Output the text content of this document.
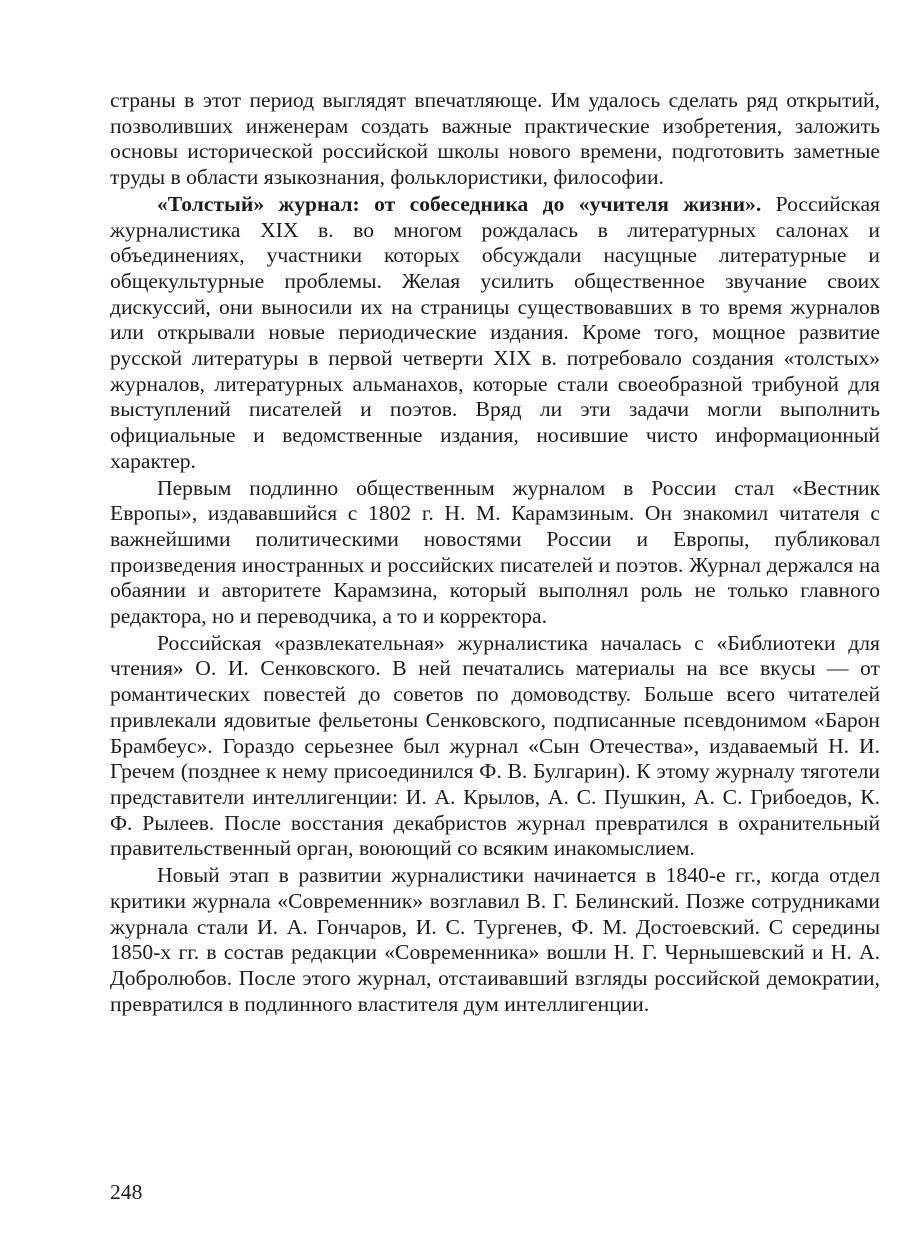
страны в этот период выглядят впечатляюще. Им удалось сделать ряд открытий, позволивших инженерам создать важные практические изобретения, заложить основы исторической российской школы нового времени, подготовить заметные труды в области языкознания, фольклористики, философии.

«Толстый» журнал: от собеседника до «учителя жизни». Российская журналистика XIX в. во многом рождалась в литературных салонах и объединениях, участники которых обсуждали насущные литературные и общекультурные проблемы. Желая усилить общественное звучание своих дискуссий, они выносили их на страницы существовавших в то время журналов или открывали новые периодические издания. Кроме того, мощное развитие русской литературы в первой четверти XIX в. потребовало создания «толстых» журналов, литературных альманахов, которые стали своеобразной трибуной для выступлений писателей и поэтов. Вряд ли эти задачи могли выполнить официальные и ведомственные издания, носившие чисто информационный характер.

Первым подлинно общественным журналом в России стал «Вестник Европы», издававшийся с 1802 г. Н. М. Карамзиным. Он знакомил читателя с важнейшими политическими новостями России и Европы, публиковал произведения иностранных и российских писателей и поэтов. Журнал держался на обаянии и авторитете Карамзина, который выполнял роль не только главного редактора, но и переводчика, а то и корректора.

Российская «развлекательная» журналистика началась с «Библиотеки для чтения» О. И. Сенковского. В ней печатались материалы на все вкусы — от романтических повестей до советов по домоводству. Больше всего читателей привлекали ядовитые фельетоны Сенковского, подписанные псевдонимом «Барон Брамбеус». Гораздо серьезнее был журнал «Сын Отечества», издаваемый Н. И. Гречем (позднее к нему присоединился Ф. В. Булгарин). К этому журналу тяготели представители интеллигенции: И. А. Крылов, А. С. Пушкин, А. С. Грибоедов, К. Ф. Рылеев. После восстания декабристов журнал превратился в охранительный правительственный орган, воюющий со всяким инакомыслием.

Новый этап в развитии журналистики начинается в 1840-е гг., когда отдел критики журнала «Современник» возглавил В. Г. Белинский. Позже сотрудниками журнала стали И. А. Гончаров, И. С. Тургенев, Ф. М. Достоевский. С середины 1850-х гг. в состав редакции «Современника» вошли Н. Г. Чернышевский и Н. А. Добролюбов. После этого журнал, отстаивавший взгляды российской демократии, превратился в подлинного властителя дум интеллигенции.

248
